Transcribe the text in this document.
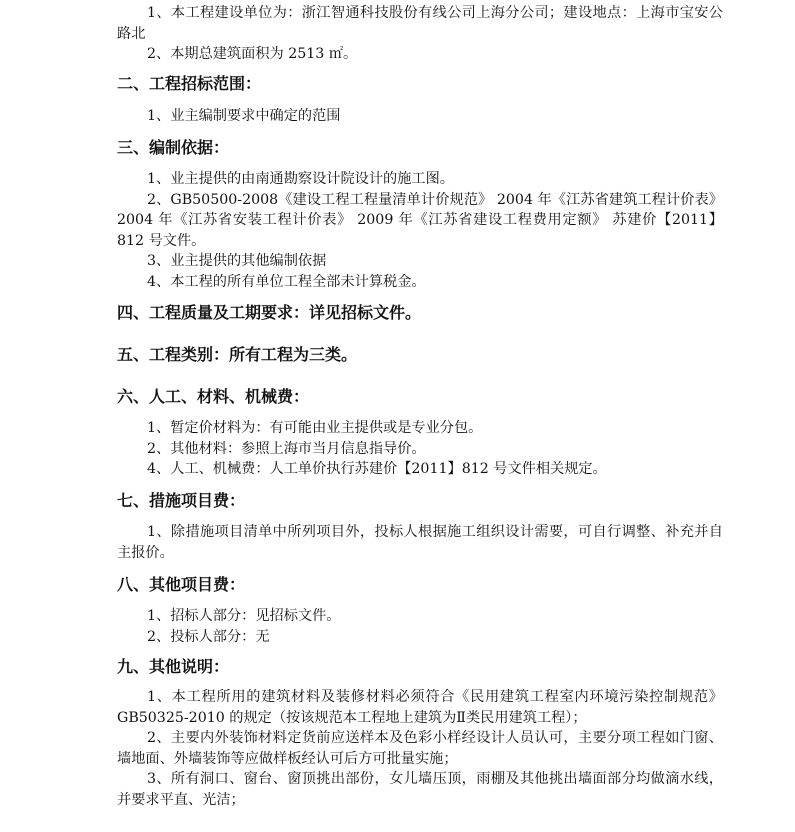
1、本工程建设单位为：浙江智通科技股份有线公司上海分公司；建设地点：上海市宝安公路北
2、本期总建筑面积为 2513 ㎡。
二、工程招标范围：
1、业主编制要求中确定的范围
三、编制依据：
1、业主提供的由南通勘察设计院设计的施工图。
2、GB50500-2008《建设工程工程量清单计价规范》 2004 年《江苏省建筑工程计价表》 2004 年《江苏省安装工程计价表》 2009 年《江苏省建设工程费用定额》 苏建价【2011】812 号文件。
3、业主提供的其他编制依据
4、本工程的所有单位工程全部未计算税金。
四、工程质量及工期要求：详见招标文件。
五、工程类别：所有工程为三类。
六、人工、材料、机械费：
1、暂定价材料为：有可能由业主提供或是专业分包。
2、其他材料：参照上海市当月信息指导价。
4、人工、机械费：人工单价执行苏建价【2011】812 号文件相关规定。
七、措施项目费：
1、除措施项目清单中所列项目外，投标人根据施工组织设计需要，可自行调整、补充并自主报价。
八、其他项目费：
1、招标人部分：见招标文件。
2、投标人部分：无
九、其他说明：
1、本工程所用的建筑材料及装修材料必须符合《民用建筑工程室内环境污染控制规范》GB50325-2010 的规定（按该规范本工程地上建筑为Ⅱ类民用建筑工程）；
2、主要内外装饰材料定货前应送样本及色彩小样经设计人员认可，主要分项工程如门窗、墙地面、外墙装饰等应做样板经认可后方可批量实施；
3、所有洞口、窗台、窗顶挑出部份，女儿墙压顶，雨棚及其他挑出墙面部分均做滴水线，并要求平直、光洁；
